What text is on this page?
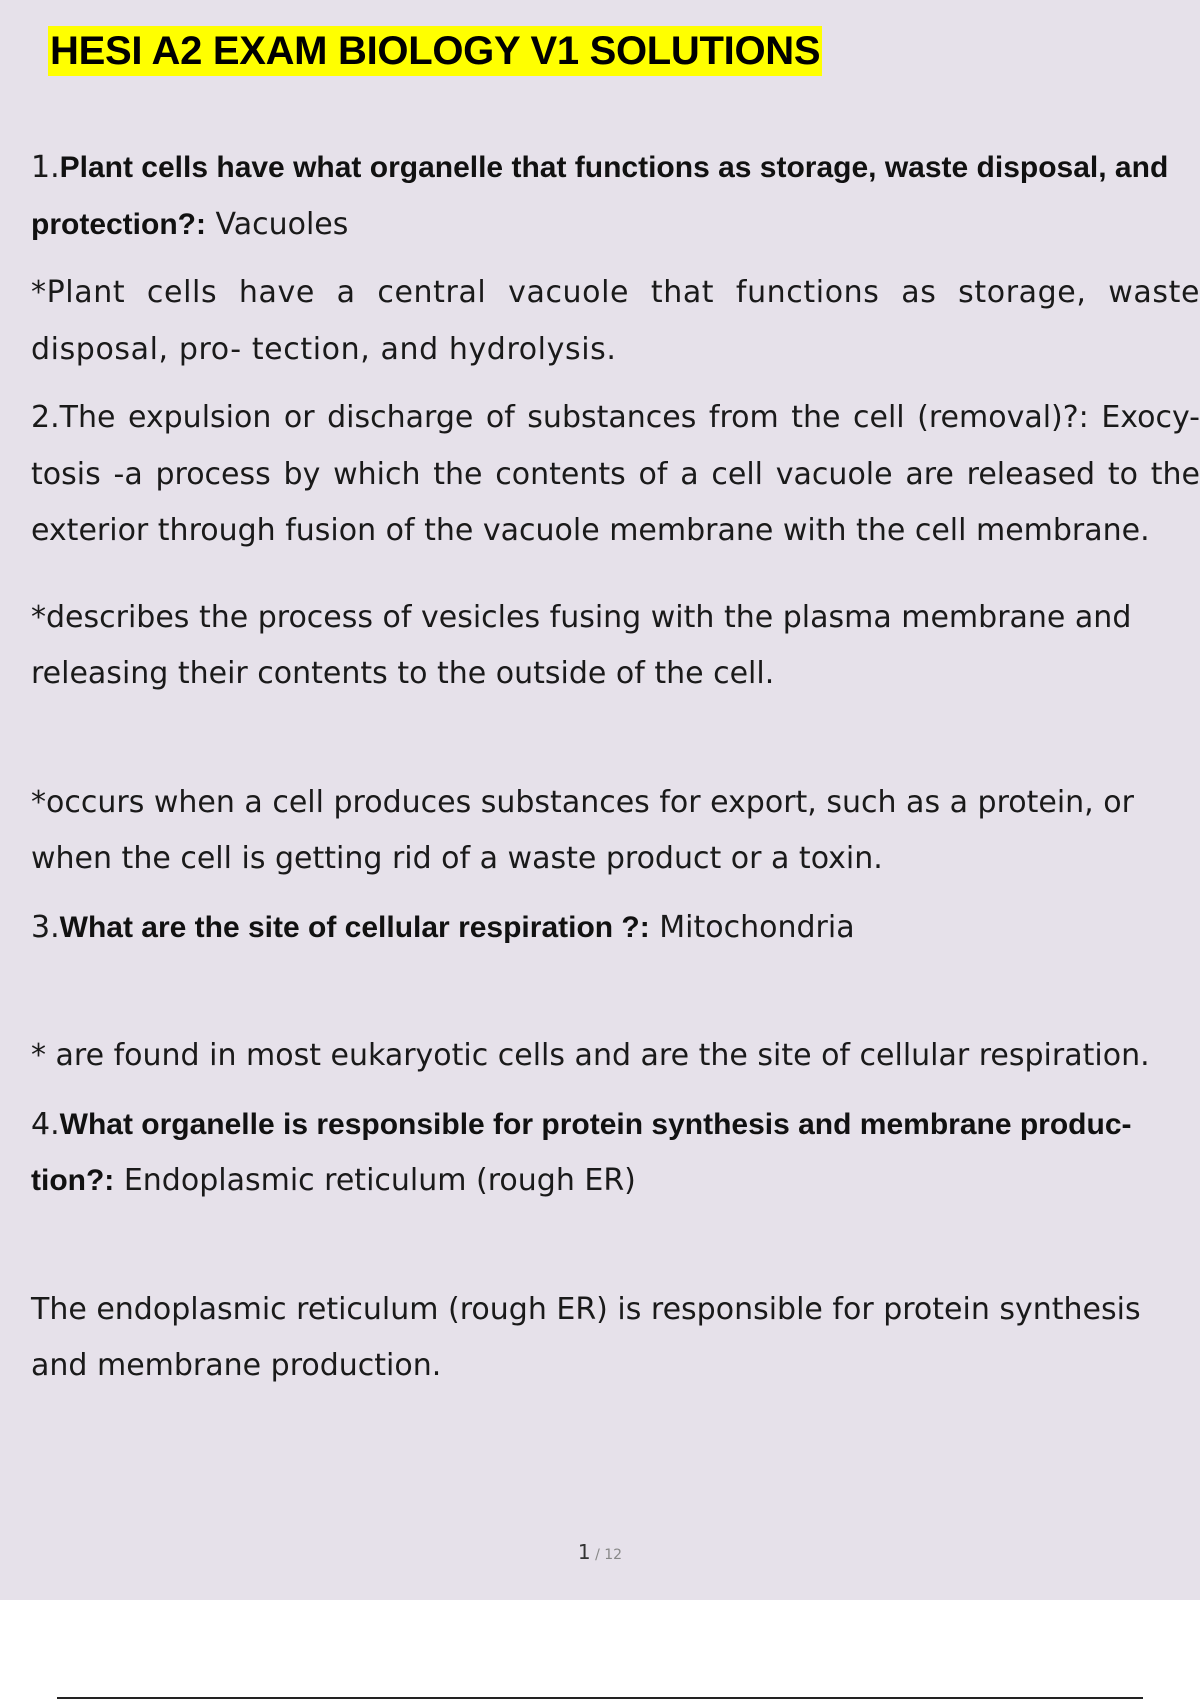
HESI A2 EXAM BIOLOGY V1 SOLUTIONS

1.Plant cells have what organelle that functions as storage, waste disposal, and protection?: Vacuoles

*Plant cells have a central vacuole that functions as storage, waste disposal, pro- tection, and hydrolysis.

2.The expulsion or discharge of substances from the cell (removal)?: Exocy- tosis -a process by which the contents of a cell vacuole are released to the exterior through fusion of the vacuole membrane with the cell membrane.

*describes the process of vesicles fusing with the plasma membrane and releasing their contents to the outside of the cell.

*occurs when a cell produces substances for export, such as a protein, or when the cell is getting rid of a waste product or a toxin.

3.What are the site of cellular respiration ?: Mitochondria

* are found in most eukaryotic cells and are the site of cellular respiration.

4.What organelle is responsible for protein synthesis and membrane produc- tion?: Endoplasmic reticulum (rough ER)

The endoplasmic reticulum (rough ER) is responsible for protein synthesis and membrane production.

1 / 12
